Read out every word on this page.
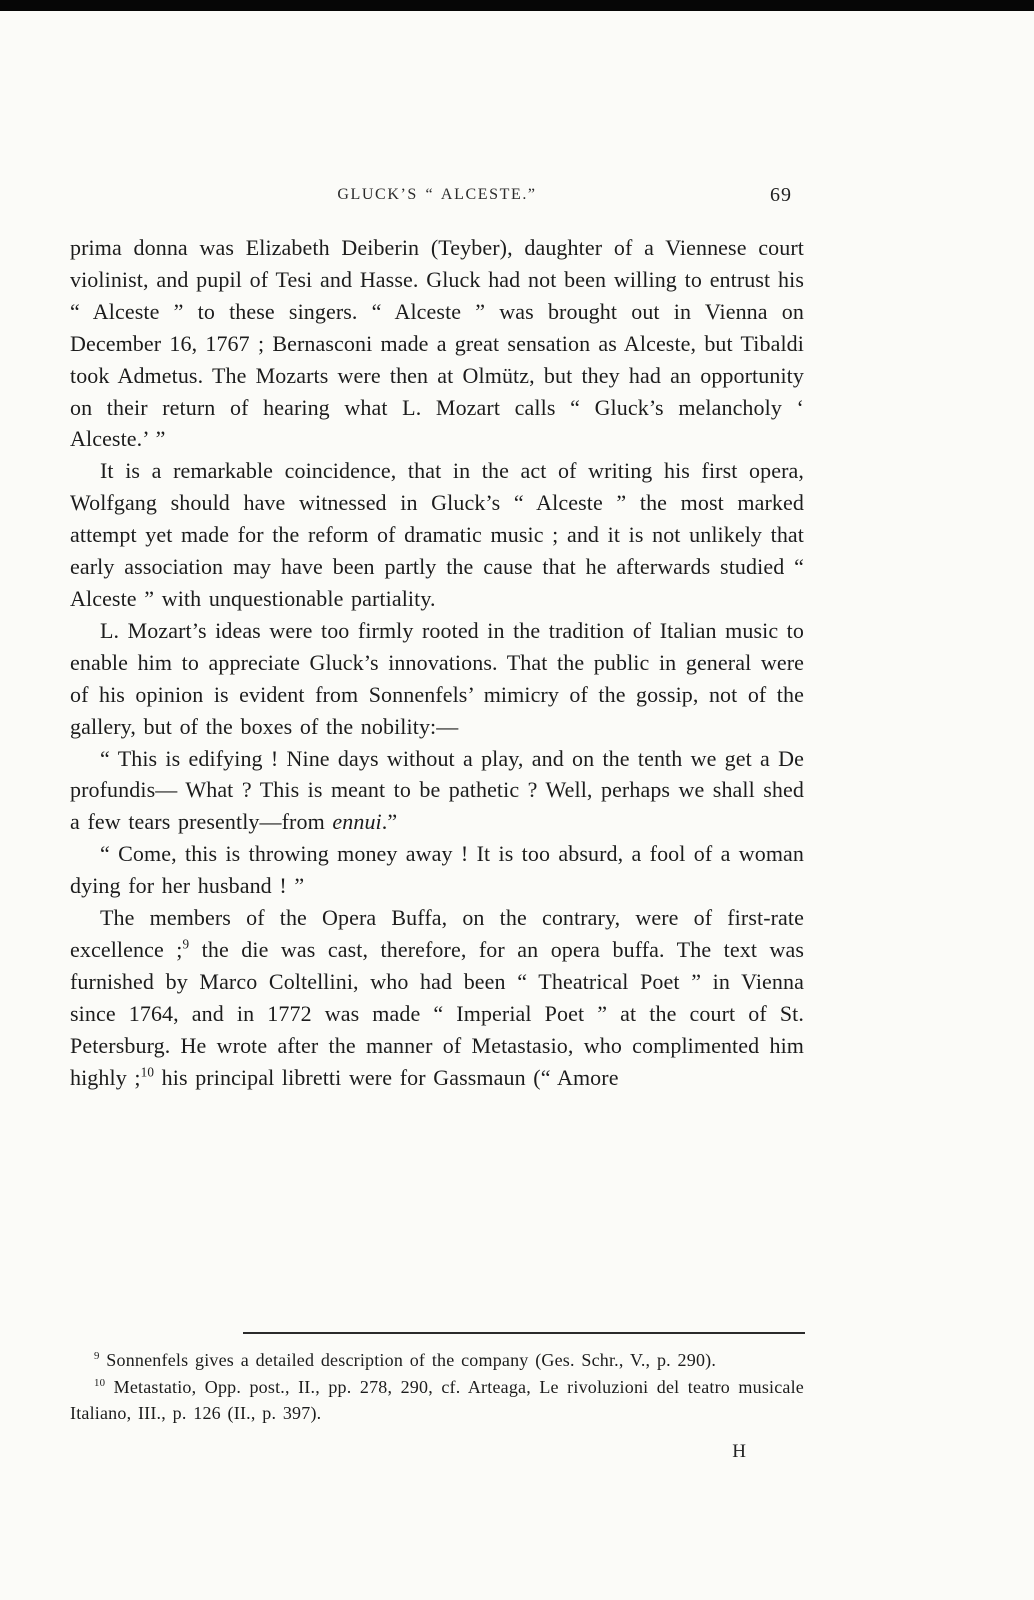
GLUCK’S “ ALCESTE.”	69

prima donna was Elizabeth Deiberin (Teyber), daughter of a Viennese court violinist, and pupil of Tesi and Hasse. Gluck had not been willing to entrust his “ Alceste ” to these singers. “ Alceste ” was brought out in Vienna on December 16, 1767 ; Bernasconi made a great sensation as Alceste, but Tibaldi took Admetus. The Mozarts were then at Olmütz, but they had an opportunity on their return of hearing what L. Mozart calls “ Gluck’s melancholy ‘ Alceste.’ ”

It is a remarkable coincidence, that in the act of writing his first opera, Wolfgang should have witnessed in Gluck’s “ Alceste ” the most marked attempt yet made for the reform of dramatic music ; and it is not unlikely that early association may have been partly the cause that he afterwards studied “ Alceste ” with unquestionable partiality.

L. Mozart’s ideas were too firmly rooted in the tradition of Italian music to enable him to appreciate Gluck’s innovations. That the public in general were of his opinion is evident from Sonnenfels’ mimicry of the gossip, not of the gallery, but of the boxes of the nobility:—

“ This is edifying ! Nine days without a play, and on the tenth we get a De profundis— What ? This is meant to be pathetic ? Well, perhaps we shall shed a few tears presently—from ennui.”

“ Come, this is throwing money away ! It is too absurd, a fool of a woman dying for her husband ! ”

The members of the Opera Buffa, on the contrary, were of first-rate excellence ;$^9$ the die was cast, therefore, for an opera buffa. The text was furnished by Marco Coltellini, who had been “ Theatrical Poet ” in Vienna since 1764, and in 1772 was made “ Imperial Poet ” at the court of St. Petersburg. He wrote after the manner of Metastasio, who complimented him highly ;$^{10}$ his principal libretti were for Gassmaun (“ Amore

$^9$ Sonnenfels gives a detailed description of the company (Ges. Schr., V., p. 290).

$^{10}$ Metastatio, Opp. post., II., pp. 278, 290, cf. Arteaga, Le rivoluzioni del teatro musicale Italiano, III., p. 126 (II., p. 397).

H
